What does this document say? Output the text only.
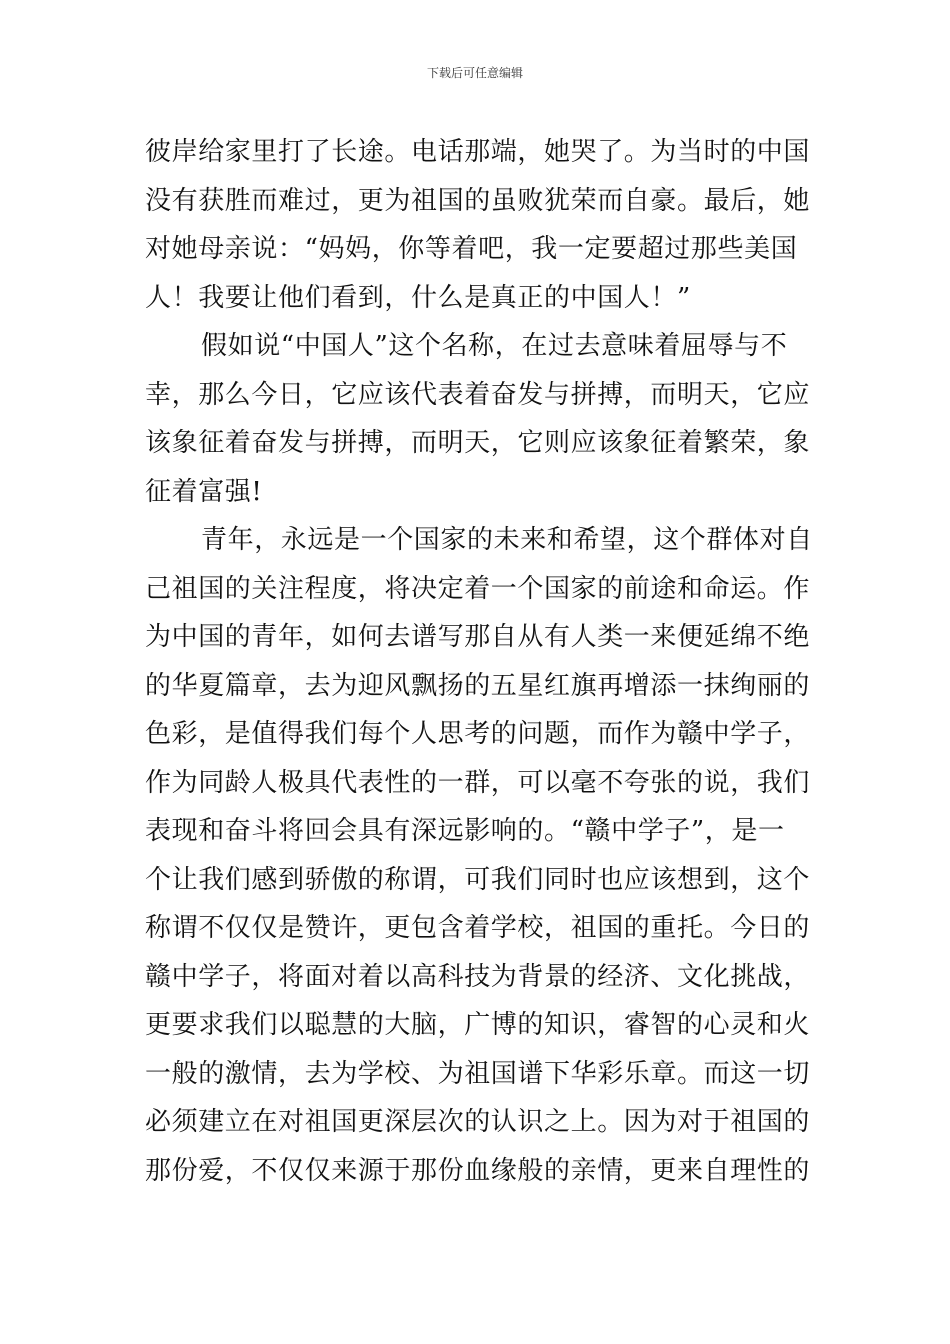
下载后可任意编辑
彼岸给家里打了长途。电话那端，她哭了。为当时的中国
没有获胜而难过，更为祖国的虽败犹荣而自豪。最后，她
对她母亲说：“妈妈，你等着吧，我一定要超过那些美国
人！我要让他们看到，什么是真正的中国人！”
假如说“中国人”这个名称，在过去意味着屈辱与不
幸，那么今日，它应该代表着奋发与拼搏，而明天，它应
该象征着奋发与拼搏，而明天，它则应该象征着繁荣，象
征着富强!
青年，永远是一个国家的未来和希望，这个群体对自
己祖国的关注程度，将决定着一个国家的前途和命运。作
为中国的青年，如何去谱写那自从有人类一来便延绵不绝
的华夏篇章，去为迎风飘扬的五星红旗再增添一抹绚丽的
色彩，是值得我们每个人思考的问题，而作为赣中学子，
作为同龄人极具代表性的一群，可以毫不夸张的说，我们
表现和奋斗将回会具有深远影响的。“赣中学子”，是一
个让我们感到骄傲的称谓，可我们同时也应该想到，这个
称谓不仅仅是赞许，更包含着学校，祖国的重托。今日的
赣中学子，将面对着以高科技为背景的经济、文化挑战，
更要求我们以聪慧的大脑，广博的知识，睿智的心灵和火
一般的激情，去为学校、为祖国谱下华彩乐章。而这一切
必须建立在对祖国更深层次的认识之上。因为对于祖国的
那份爱，不仅仅来源于那份血缘般的亲情，更来自理性的
